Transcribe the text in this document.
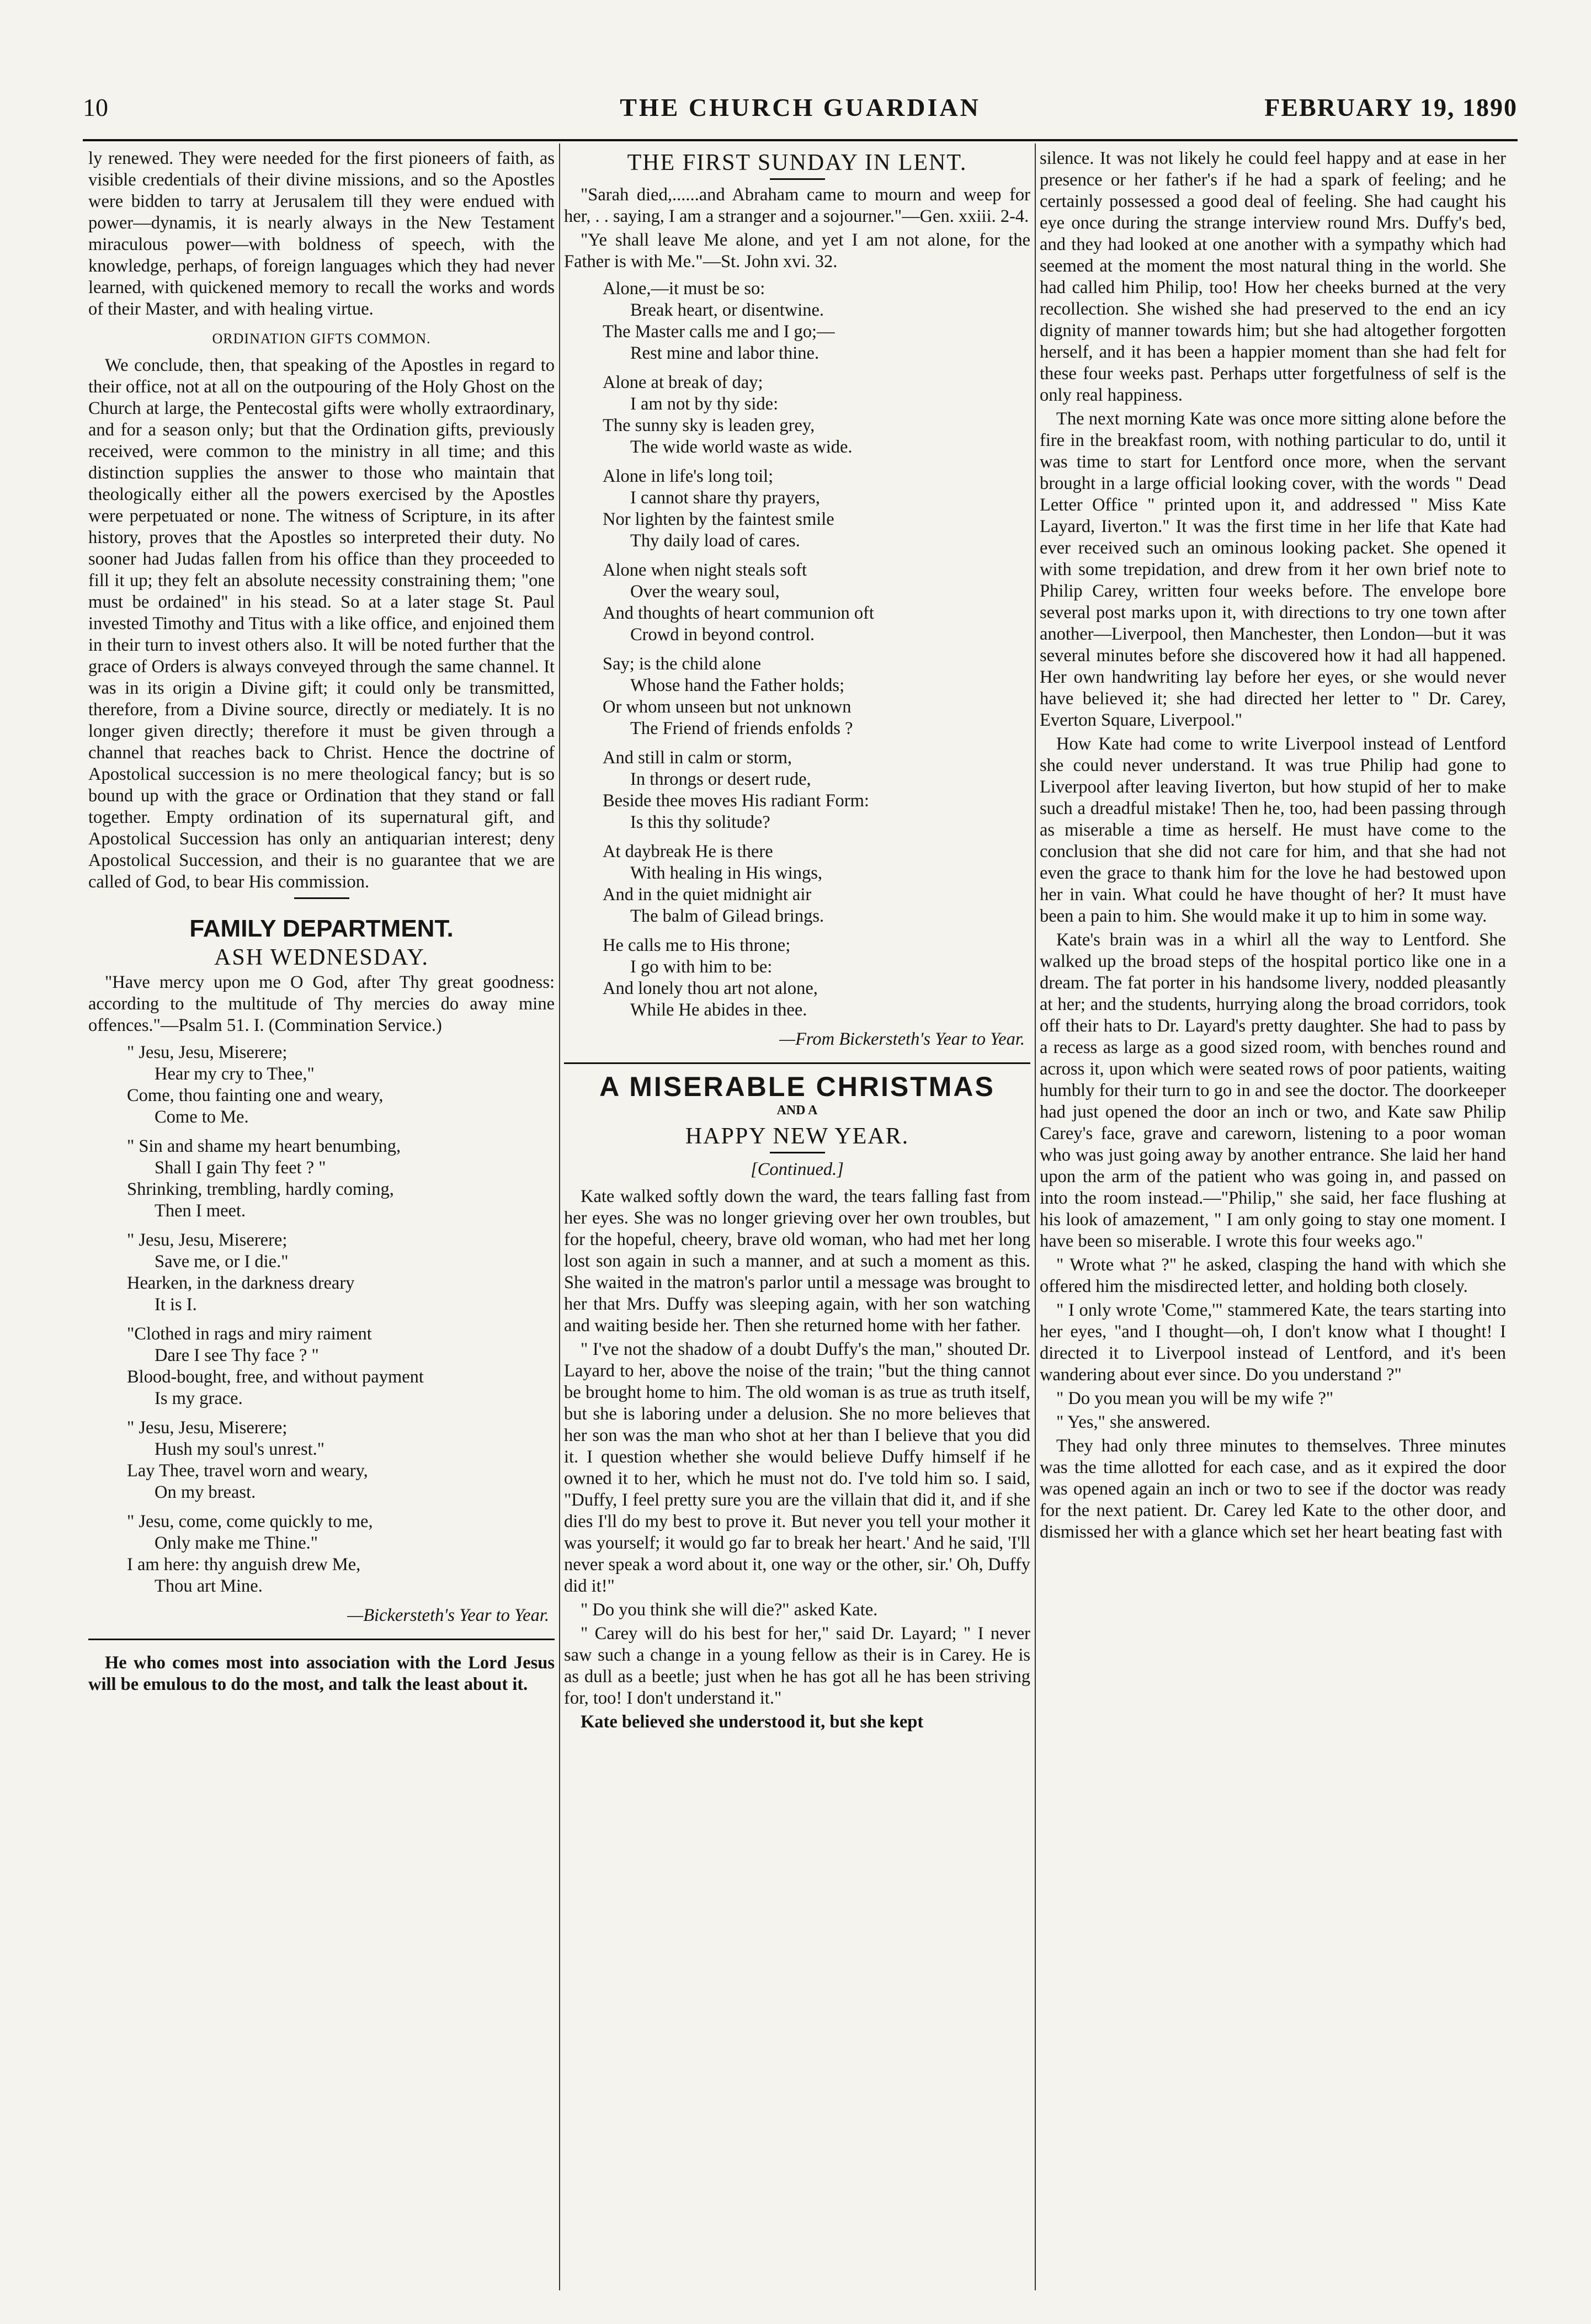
10	THE CHURCH GUARDIAN	FEBRUARY 19, 1890

ly renewed. They were needed for the first pioneers of faith, as visible credentials of their divine missions, and so the Apostles were bidden to tarry at Jerusalem till they were endued with power—dynamis, it is nearly always in the New Testament miraculous power—with boldness of speech, with the knowledge, perhaps, of foreign languages which they had never learned, with quickened memory to recall the works and words of their Master, and with healing virtue.

ORDINATION GIFTS COMMON.

We conclude, then, that speaking of the Apostles in regard to their office, not at all on the outpouring of the Holy Ghost on the Church at large, the Pentecostal gifts were wholly extraordinary, and for a season only; but that the Ordination gifts, previously received, were common to the ministry in all time; and this distinction supplies the answer to those who maintain that theologically either all the powers exercised by the Apostles were perpetuated or none. The witness of Scripture, in its after history, proves that the Apostles so interpreted their duty. No sooner had Judas fallen from his office than they proceeded to fill it up; they felt an absolute necessity constraining them; "one must be ordained" in his stead. So at a later stage St. Paul invested Timothy and Titus with a like office, and enjoined them in their turn to invest others also. It will be noted further that the grace of Orders is always conveyed through the same channel. It was in its origin a Divine gift; it could only be transmitted, therefore, from a Divine source, directly or mediately. It is no longer given directly; therefore it must be given through a channel that reaches back to Christ. Hence the doctrine of Apostolical succession is no mere theological fancy; but is so bound up with the grace or Ordination that they stand or fall together. Empty ordination of its supernatural gift, and Apostolical Succession has only an antiquarian interest; deny Apostolical Succession, and their is no guarantee that we are called of God, to bear His commission.

FAMILY DEPARTMENT.
ASH WEDNESDAY.

"Have mercy upon me O God, after Thy great goodness: according to the multitude of Thy mercies do away mine offences."—Psalm 51. I. (Commination Service.)

" Jesu, Jesu, Miserere;
Hear my cry to Thee,"
Come, thou fainting one and weary,
Come to Me.
" Sin and shame my heart benumbing,
Shall I gain Thy feet ? "
Shrinking, trembling, hardly coming,
Then I meet.
" Jesu, Jesu, Miserere;
Save me, or I die."
Hearken, in the darkness dreary
It is I.
"Clothed in rags and miry raiment
Dare I see Thy face ? "
Blood-bought, free, and without payment
Is my grace.
" Jesu, Jesu, Miserere;
Hush my soul's unrest."
Lay Thee, travel worn and weary,
On my breast.
" Jesu, come, come quickly to me,
Only make me Thine."
I am here: thy anguish drew Me,
Thou art Mine.
—Bickersteth's Year to Year.

He who comes most into association with the Lord Jesus will be emulous to do the most, and talk the least about it.

THE FIRST SUNDAY IN LENT.

"Sarah died,......and Abraham came to mourn and weep for her, . . saying, I am a stranger and a sojourner."—Gen. xxiii. 2-4.

"Ye shall leave Me alone, and yet I am not alone, for the Father is with Me."—St. John xvi. 32.

Alone,—it must be so:
Break heart, or disentwine.
The Master calls me and I go;—
Rest mine and labor thine.
Alone at break of day;
I am not by thy side:
The sunny sky is leaden grey,
The wide world waste as wide.
Alone in life's long toil;
I cannot share thy prayers,
Nor lighten by the faintest smile
Thy daily load of cares.
Alone when night steals soft
Over the weary soul,
And thoughts of heart communion oft
Crowd in beyond control.
Say; is the child alone
Whose hand the Father holds;
Or whom unseen but not unknown
The Friend of friends enfolds ?
And still in calm or storm,
In throngs or desert rude,
Beside thee moves His radiant Form:
Is this thy solitude?
At daybreak He is there
With healing in His wings,
And in the quiet midnight air
The balm of Gilead brings.
He calls me to His throne;
I go with him to be:
And lonely thou art not alone,
While He abides in thee.
—From Bickersteth's Year to Year.
A MISERABLE CHRISTMAS
AND A
HAPPY NEW YEAR.
[Continued.]

Kate walked softly down the ward, the tears falling fast from her eyes. She was no longer grieving over her own troubles, but for the hopeful, cheery, brave old woman, who had met her long lost son again in such a manner, and at such a moment as this. She waited in the matron's parlor until a message was brought to her that Mrs. Duffy was sleeping again, with her son watching and waiting beside her. Then she returned home with her father.

" I've not the shadow of a doubt Duffy's the man," shouted Dr. Layard to her, above the noise of the train; "but the thing cannot be brought home to him. The old woman is as true as truth itself, but she is laboring under a delusion. She no more believes that her son was the man who shot at her than I believe that you did it. I question whether she would believe Duffy himself if he owned it to her, which he must not do. I've told him so. I said, "Duffy, I feel pretty sure you are the villain that did it, and if she dies I'll do my best to prove it. But never you tell your mother it was yourself; it would go far to break her heart.' And he said, 'I'll never speak a word about it, one way or the other, sir.' Oh, Duffy did it!"

" Do you think she will die?" asked Kate.

" Carey will do his best for her," said Dr. Layard; " I never saw such a change in a young fellow as their is in Carey. He is as dull as a beetle; just when he has got all he has been striving for, too! I don't understand it."

Kate believed she understood it, but she kept

silence. It was not likely he could feel happy and at ease in her presence or her father's if he had a spark of feeling; and he certainly possessed a good deal of feeling. She had caught his eye once during the strange interview round Mrs. Duffy's bed, and they had looked at one another with a sympathy which had seemed at the moment the most natural thing in the world. She had called him Philip, too! How her cheeks burned at the very recollection. She wished she had preserved to the end an icy dignity of manner towards him; but she had altogether forgotten herself, and it has been a happier moment than she had felt for these four weeks past. Perhaps utter forgetfulness of self is the only real happiness.

The next morning Kate was once more sitting alone before the fire in the breakfast room, with nothing particular to do, until it was time to start for Lentford once more, when the servant brought in a large official looking cover, with the words " Dead Letter Office " printed upon it, and addressed " Miss Kate Layard, Iiverton." It was the first time in her life that Kate had ever received such an ominous looking packet. She opened it with some trepidation, and drew from it her own brief note to Philip Carey, written four weeks before. The envelope bore several post marks upon it, with directions to try one town after another—Liverpool, then Manchester, then London—but it was several minutes before she discovered how it had all happened. Her own handwriting lay before her eyes, or she would never have believed it; she had directed her letter to " Dr. Carey, Everton Square, Liverpool."

How Kate had come to write Liverpool instead of Lentford she could never understand. It was true Philip had gone to Liverpool after leaving Iiverton, but how stupid of her to make such a dreadful mistake! Then he, too, had been passing through as miserable a time as herself. He must have come to the conclusion that she did not care for him, and that she had not even the grace to thank him for the love he had bestowed upon her in vain. What could he have thought of her? It must have been a pain to him. She would make it up to him in some way.

Kate's brain was in a whirl all the way to Lentford. She walked up the broad steps of the hospital portico like one in a dream. The fat porter in his handsome livery, nodded pleasantly at her; and the students, hurrying along the broad corridors, took off their hats to Dr. Layard's pretty daughter. She had to pass by a recess as large as a good sized room, with benches round and across it, upon which were seated rows of poor patients, waiting humbly for their turn to go in and see the doctor. The doorkeeper had just opened the door an inch or two, and Kate saw Philip Carey's face, grave and careworn, listening to a poor woman who was just going away by another entrance. She laid her hand upon the arm of the patient who was going in, and passed on into the room instead.—"Philip," she said, her face flushing at his look of amazement, " I am only going to stay one moment. I have been so miserable. I wrote this four weeks ago."

" Wrote what ?" he asked, clasping the hand with which she offered him the misdirected letter, and holding both closely.

" I only wrote 'Come,'" stammered Kate, the tears starting into her eyes, "and I thought—oh, I don't know what I thought! I directed it to Liverpool instead of Lentford, and it's been wandering about ever since. Do you understand ?"

" Do you mean you will be my wife ?"

" Yes," she answered.

They had only three minutes to themselves. Three minutes was the time allotted for each case, and as it expired the door was opened again an inch or two to see if the doctor was ready for the next patient. Dr. Carey led Kate to the other door, and dismissed her with a glance which set her heart beating fast with
